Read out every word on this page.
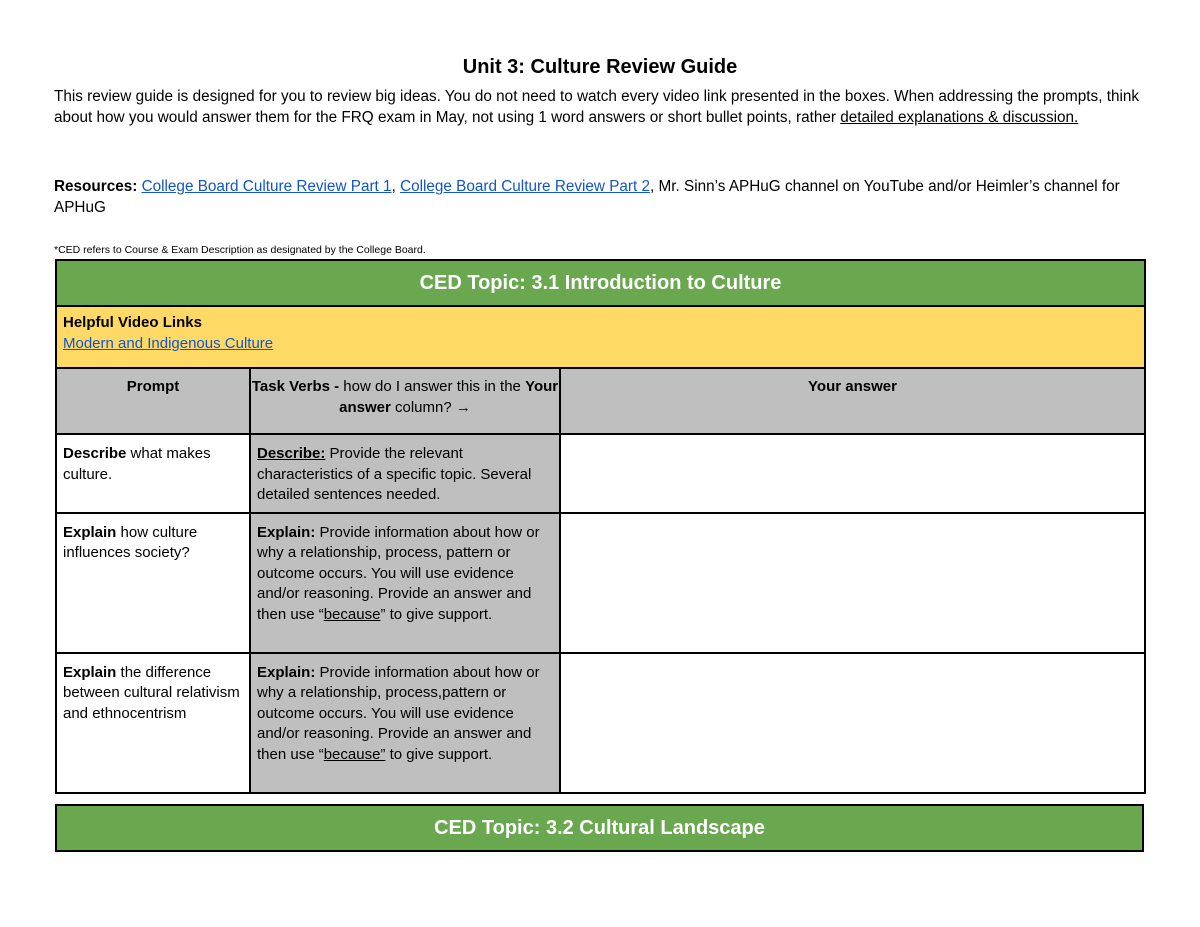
Unit 3: Culture Review Guide
This review guide is designed for you to review big ideas. You do not need to watch every video link presented in the boxes. When addressing the prompts, think about how you would answer them for the FRQ exam in May, not using 1 word answers or short bullet points, rather detailed explanations & discussion.
Resources: College Board Culture Review Part 1, College Board Culture Review Part 2, Mr. Sinn’s APHuG channel on YouTube and/or Heimler’s channel for APHuG
*CED refers to Course & Exam Description as designated by the College Board.
CED Topic: 3.1 Introduction to Culture		

Helpful Video Links
Modern and Indigenous Culture		
Prompt	Task Verbs - how do I answer this in the Your answer column? →	Your answer
Describe what makes culture.	Describe: Provide the relevant characteristics of a specific topic. Several detailed sentences needed.	
Explain how culture influences society?	Explain: Provide information about how or why a relationship, process, pattern or outcome occurs. You will use evidence and/or reasoning. Provide an answer and then use “because” to give support.	
Explain the difference between cultural relativism and ethnocentrism	Explain: Provide information about how or why a relationship, process,pattern or outcome occurs. You will use evidence and/or reasoning. Provide an answer and then use “because” to give support.	
CED Topic: 3.2 Cultural Landscape
